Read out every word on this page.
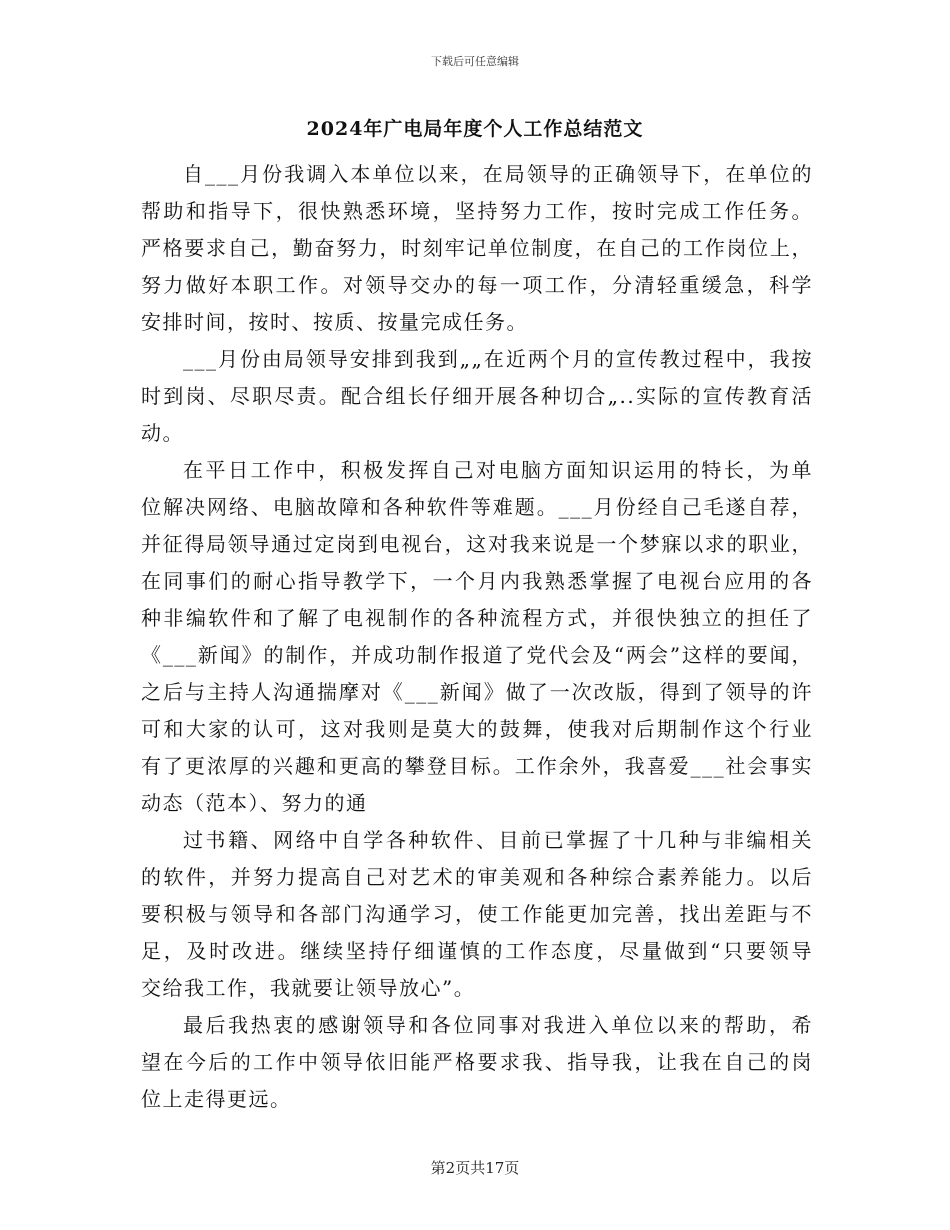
下载后可任意编辑
2024年广电局年度个人工作总结范文
自___月份我调入本单位以来，在局领导的正确领导下，在单位的
帮助和指导下，很快熟悉环境，坚持努力工作，按时完成工作任务。
严格要求自己，勤奋努力，时刻牢记单位制度，在自己的工作岗位上，
努力做好本职工作。对领导交办的每一项工作，分清轻重缓急，科学
安排时间，按时、按质、按量完成任务。
___月份由局领导安排到我到„„在近两个月的宣传教过程中，我按
时到岗、尽职尽责。配合组长仔细开展各种切合„..实际的宣传教育活
动。
在平日工作中，积极发挥自己对电脑方面知识运用的特长，为单
位解决网络、电脑故障和各种软件等难题。___月份经自己毛遂自荐，
并征得局领导通过定岗到电视台，这对我来说是一个梦寐以求的职业，
在同事们的耐心指导教学下，一个月内我熟悉掌握了电视台应用的各
种非编软件和了解了电视制作的各种流程方式，并很快独立的担任了
《___新闻》的制作，并成功制作报道了党代会及“两会”这样的要闻，
之后与主持人沟通揣摩对《___新闻》做了一次改版，得到了领导的许
可和大家的认可，这对我则是莫大的鼓舞，使我对后期制作这个行业
有了更浓厚的兴趣和更高的攀登目标。工作余外，我喜爱___社会事实
动态（范本）、努力的通
过书籍、网络中自学各种软件、目前已掌握了十几种与非编相关
的软件，并努力提高自己对艺术的审美观和各种综合素养能力。以后
要积极与领导和各部门沟通学习，使工作能更加完善，找出差距与不
足，及时改进。继续坚持仔细谨慎的工作态度，尽量做到“只要领导
交给我工作，我就要让领导放心”。
最后我热衷的感谢领导和各位同事对我进入单位以来的帮助，希
望在今后的工作中领导依旧能严格要求我、指导我，让我在自己的岗
位上走得更远。
第2页共17页
